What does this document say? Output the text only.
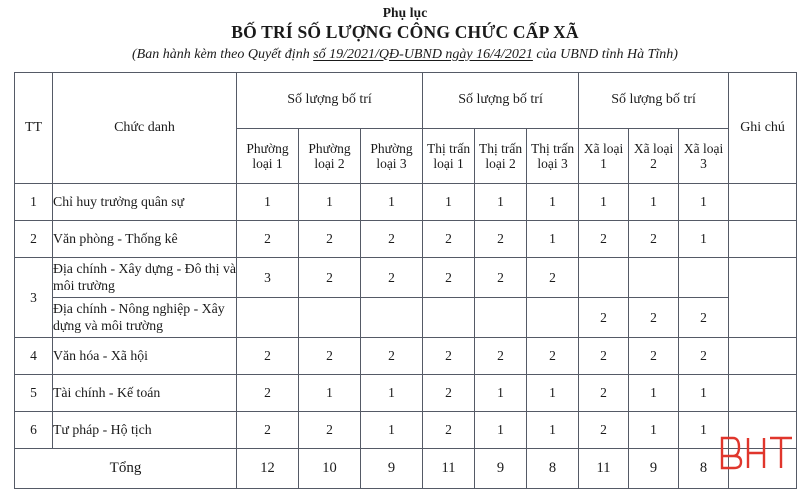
Phụ lục
BỐ TRÍ SỐ LƯỢNG CÔNG CHỨC CẤP XÃ
(Ban hành kèm theo Quyết định số 19/2021/QĐ-UBND ngày 16/4/2021 của UBND tỉnh Hà Tĩnh)
TT	Chức danh	Số lượng bố trí			Số lượng bố trí			Số lượng bố trí			Ghi chú
		Phường loại 1	Phường loại 2	Phường loại 3	Thị trấn loại 1	Thị trấn loại 2	Thị trấn loại 3	Xã loại 1	Xã loại 2	Xã loại 3	
1	Chỉ huy trưởng quân sự	1	1	1	1	1	1	1	1	1	
2	Văn phòng - Thống kê	2	2	2	2	2	1	2	2	1	
3	Địa chính - Xây dựng - Đô thị và môi trường	3	2	2	2	2	2				
	Địa chính - Nông nghiệp - Xây dựng và môi trường							2	2	2	
4	Văn hóa - Xã hội	2	2	2	2	2	2	2	2	2	
5	Tài chính - Kế toán	2	1	1	2	1	1	2	1	1	
6	Tư pháp - Hộ tịch	2	2	1	2	1	1	2	1	1	
Tổng		12	10	9	11	9	8	11	9	8	
